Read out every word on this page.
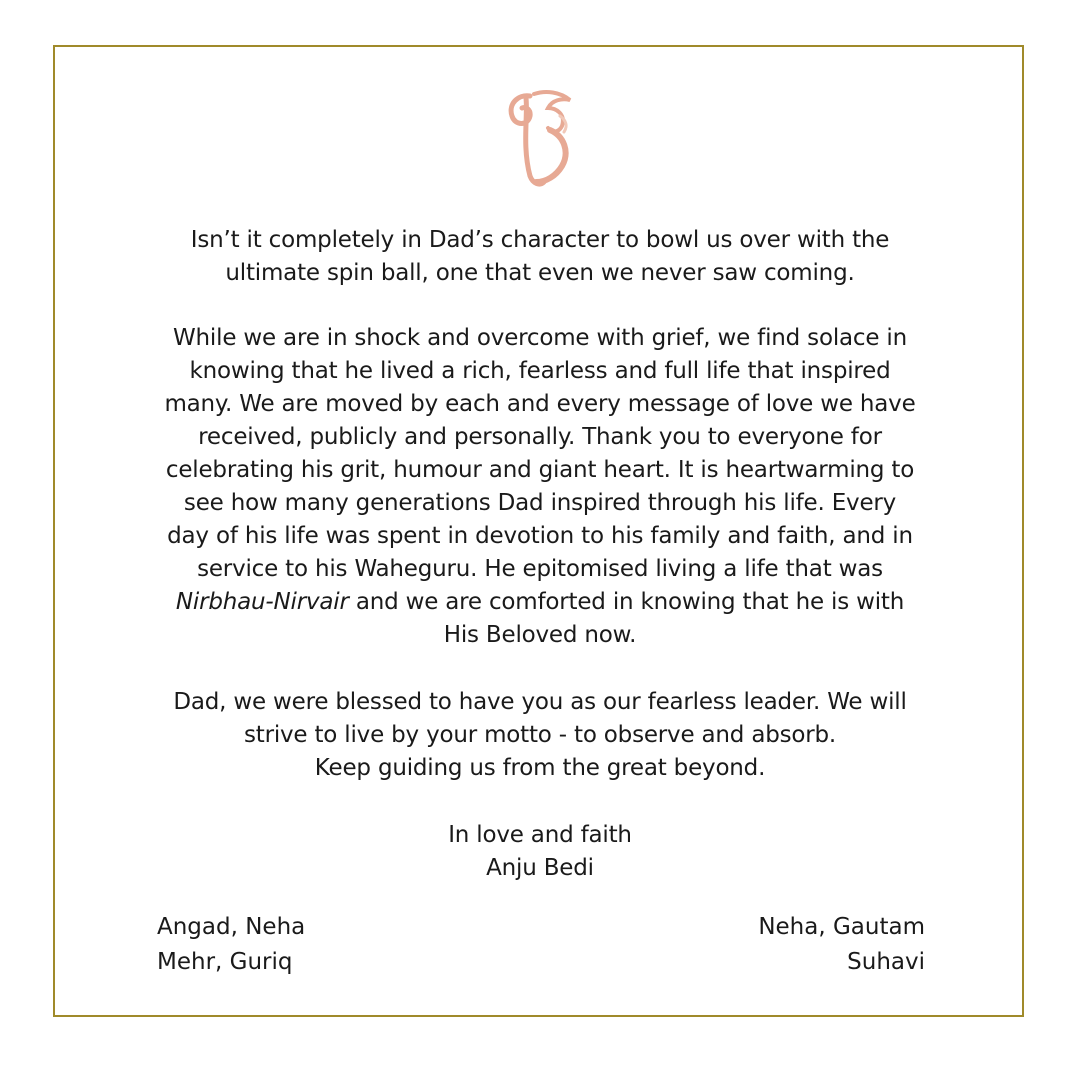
Isn’t it completely in Dad’s character to bowl us over with the
ultimate spin ball, one that even we never saw coming.
While we are in shock and overcome with grief, we find solace in
knowing that he lived a rich, fearless and full life that inspired
many. We are moved by each and every message of love we have
received, publicly and personally. Thank you to everyone for
celebrating his grit, humour and giant heart. It is heartwarming to
see how many generations Dad inspired through his life. Every
day of his life was spent in devotion to his family and faith, and in
service to his Waheguru. He epitomised living a life that was
Nirbhau-Nirvair and we are comforted in knowing that he is with
His Beloved now.
Dad, we were blessed to have you as our fearless leader. We will
strive to live by your motto - to observe and absorb.
Keep guiding us from the great beyond.
In love and faith
Anju Bedi
Angad, Neha
Mehr, Guriq
Neha, Gautam
Suhavi
